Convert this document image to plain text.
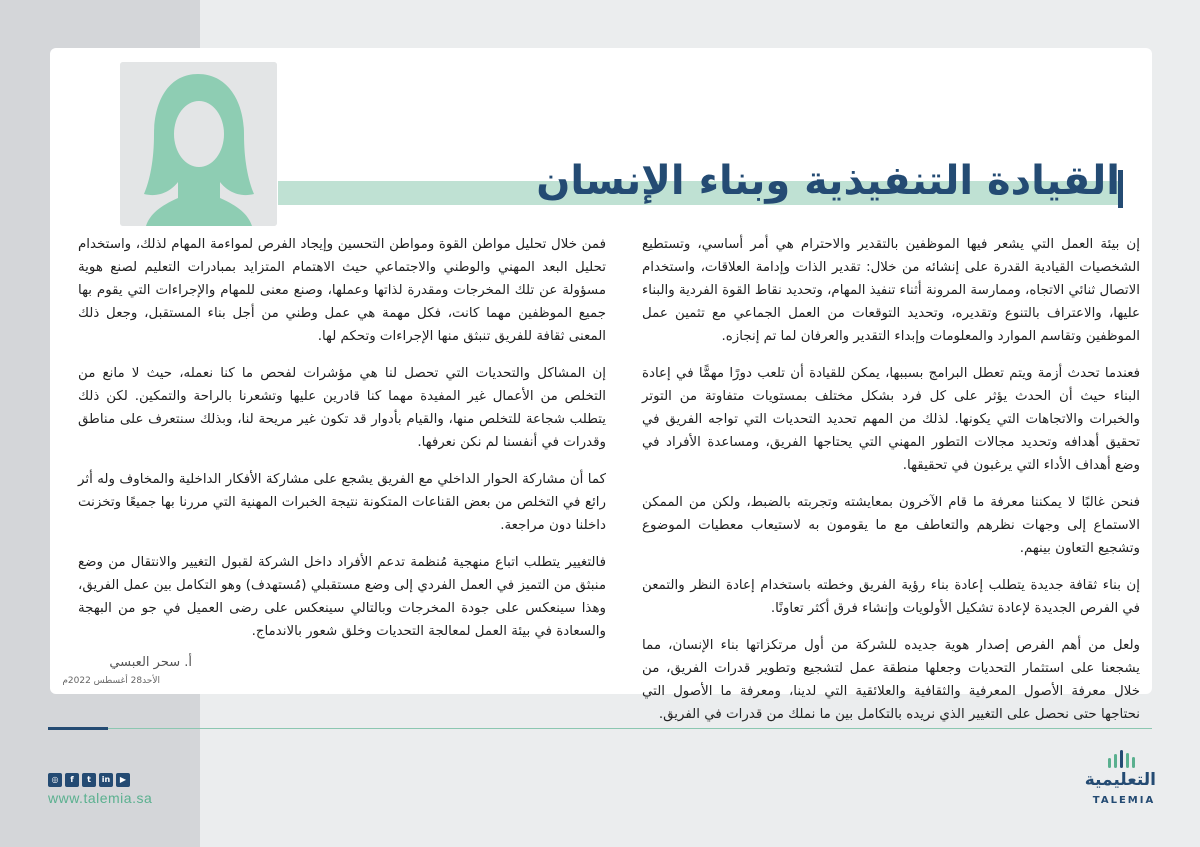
القيادة التنفيذية وبناء الإنسان

إن بيئة العمل التي يشعر فيها الموظفين بالتقدير والاحترام هي أمر أساسي، وتستطيع الشخصيات القيادية القدرة على إنشائه من خلال: تقدير الذات وإدامة العلاقات، واستخدام الاتصال ثنائي الاتجاه، وممارسة المرونة أثناء تنفيذ المهام، وتحديد نقاط القوة الفردية والبناء عليها، والاعتراف بالتنوع وتقديره، وتحديد التوقعات من العمل الجماعي مع تثمين عمل الموظفين وتقاسم الموارد والمعلومات وإبداء التقدير والعرفان لما تم إنجازه.

فعندما تحدث أزمة ويتم تعطل البرامج بسببها، يمكن للقيادة أن تلعب دورًا مهمًّا في إعادة البناء حيث أن الحدث يؤثر على كل فرد بشكل مختلف بمستويات متفاوتة من التوتر والخبرات والاتجاهات التي يكونها. لذلك من المهم تحديد التحديات التي تواجه الفريق في تحقيق أهدافه وتحديد مجالات التطور المهني التي يحتاجها الفريق، ومساعدة الأفراد في وضع أهداف الأداء التي يرغبون في تحقيقها.

فنحن غالبًا لا يمكننا معرفة ما قام الآخرون بمعايشته وتجربته بالضبط، ولكن من الممكن الاستماع إلى وجهات نظرهم والتعاطف مع ما يقومون به لاستيعاب معطيات الموضوع وتشجيع التعاون بينهم.

إن بناء ثقافة جديدة يتطلب إعادة بناء رؤية الفريق وخطته باستخدام إعادة النظر والتمعن في الفرص الجديدة لإعادة تشكيل الأولويات وإنشاء فرق أكثر تعاونًا.

ولعل من أهم الفرص إصدار هوية جديده للشركة من أول مرتكزاتها بناء الإنسان، مما يشجعنا على استثمار التحديات وجعلها منطقة عمل لتشجيع وتطوير قدرات الفريق، من خلال معرفة الأصول المعرفية والثقافية والعلائقية التي لدينا، ومعرفة ما الأصول التي نحتاجها حتى نحصل على التغيير الذي نريده بالتكامل بين ما نملك من قدرات في الفريق.

فمن خلال تحليل مواطن القوة ومواطن التحسين وإيجاد الفرص لمواءمة المهام لذلك، واستخدام تحليل البعد المهني والوطني والاجتماعي حيث الاهتمام المتزايد بمبادرات التعليم لصنع هوية مسؤولة عن تلك المخرجات ومقدرة لذاتها وعملها، وصنع معنى للمهام والإجراءات التي يقوم بها جميع الموظفين مهما كانت، فكل مهمة هي عمل وطني من أجل بناء المستقبل، وجعل ذلك المعنى ثقافة للفريق تنبثق منها الإجراءات وتحكم لها.

إن المشاكل والتحديات التي تحصل لنا هي مؤشرات لفحص ما كنا نعمله، حيث لا مانع من التخلص من الأعمال غير المفيدة مهما كنا قادرين عليها وتشعرنا بالراحة والتمكين. لكن ذلك يتطلب شجاعة للتخلص منها، والقيام بأدوار قد تكون غير مريحة لنا، وبذلك سنتعرف على مناطق وقدرات في أنفسنا لم نكن نعرفها.

كما أن مشاركة الحوار الداخلي مع الفريق يشجع على مشاركة الأفكار الداخلية والمخاوف وله أثر رائع في التخلص من بعض القناعات المتكونة نتيجة الخبرات المهنية التي مررنا بها جميعًا وتخزنت داخلنا دون مراجعة.

فالتغيير يتطلب اتباع منهجية مُنظمة تدعم الأفراد داخل الشركة لقبول التغيير والانتقال من وضع منبثق من التميز في العمل الفردي إلى وضع مستقبلي (مُستهدف) وهو التكامل بين عمل الفريق، وهذا سينعكس على جودة المخرجات وبالتالي سينعكس على رضى العميل في جو من البهجة والسعادة في بيئة العمل لمعالجة التحديات وخلق شعور بالاندماج.

أ. سحر العبسي
الأحد28 أغسطس 2022م
◎ f t in ▶
www.talemia.sa
التعليمية
TALEMIA
